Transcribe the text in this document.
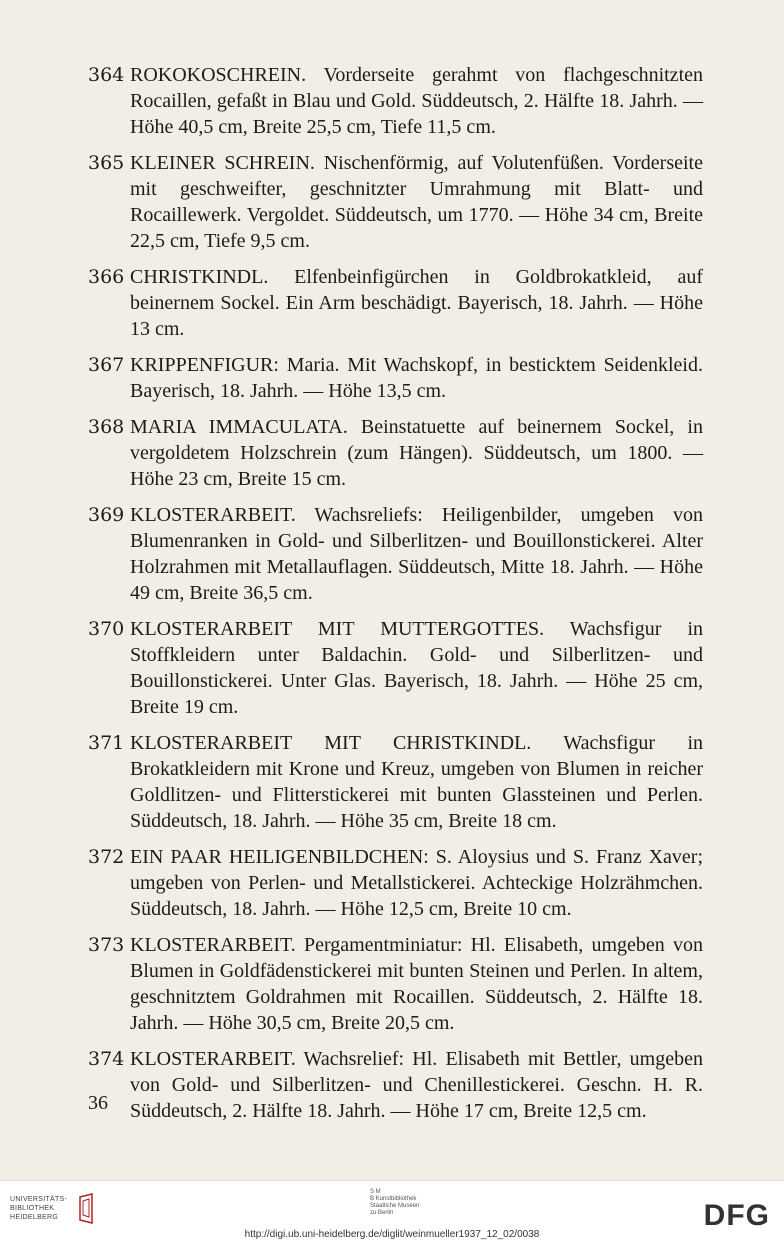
364 ROKOKOSCHREIN. Vorderseite gerahmt von flachgeschnitzten Rocaillen, gefaßt in Blau und Gold. Süddeutsch, 2. Hälfte 18. Jahrh. — Höhe 40,5 cm, Breite 25,5 cm, Tiefe 11,5 cm.
365 KLEINER SCHREIN. Nischenförmig, auf Volutenfüßen. Vorderseite mit geschweifter, geschnitzter Umrahmung mit Blatt- und Rocaillewerk. Vergoldet. Süddeutsch, um 1770. — Höhe 34 cm, Breite 22,5 cm, Tiefe 9,5 cm.
366 CHRISTKINDL. Elfenbeinfigürchen in Goldbrokatkleid, auf beinernem Sockel. Ein Arm beschädigt. Bayerisch, 18. Jahrh. — Höhe 13 cm.
367 KRIPPENFIGUR: Maria. Mit Wachskopf, in besticktem Seidenkleid. Bayerisch, 18. Jahrh. — Höhe 13,5 cm.
368 MARIA IMMACULATA. Beinstatuette auf beinernem Sockel, in vergoldetem Holzschrein (zum Hängen). Süddeutsch, um 1800. — Höhe 23 cm, Breite 15 cm.
369 KLOSTERARBEIT. Wachsreliefs: Heiligenbilder, umgeben von Blumenranken in Gold- und Silberlitzen- und Bouillonstickerei. Alter Holzrahmen mit Metallauflagen. Süddeutsch, Mitte 18. Jahrh. — Höhe 49 cm, Breite 36,5 cm.
370 KLOSTERARBEIT MIT MUTTERGOTTES. Wachsfigur in Stoffkleidern unter Baldachin. Gold- und Silberlitzen- und Bouillonstickerei. Unter Glas. Bayerisch, 18. Jahrh. — Höhe 25 cm, Breite 19 cm.
371 KLOSTERARBEIT MIT CHRISTKINDL. Wachsfigur in Brokatkleidern mit Krone und Kreuz, umgeben von Blumen in reicher Goldlitzen- und Flitterstickerei mit bunten Glassteinen und Perlen. Süddeutsch, 18. Jahrh. — Höhe 35 cm, Breite 18 cm.
372 EIN PAAR HEILIGENBILDCHEN: S. Aloysius und S. Franz Xaver; umgeben von Perlen- und Metallstickerei. Achteckige Holzrähmchen. Süddeutsch, 18. Jahrh. — Höhe 12,5 cm, Breite 10 cm.
373 KLOSTERARBEIT. Pergamentminiatur: Hl. Elisabeth, umgeben von Blumen in Goldfädenstickerei mit bunten Steinen und Perlen. In altem, geschnitztem Goldrahmen mit Rocaillen. Süddeutsch, 2. Hälfte 18. Jahrh. — Höhe 30,5 cm, Breite 20,5 cm.
374 KLOSTERARBEIT. Wachsrelief: Hl. Elisabeth mit Bettler, umgeben von Gold- und Silberlitzen- und Chenillestickerei. Geschn. H. R. Süddeutsch, 2. Hälfte 18. Jahrh. — Höhe 17 cm, Breite 12,5 cm.
36
UNIVERSITÄTS-
BIBLIOTHEK
HEIDELBERG
S M
B Kunstbibliothek
Staatliche Museen
zu Berlin	DFG
http://digi.ub.uni-heidelberg.de/diglit/weinmueller1937_12_02/0038
